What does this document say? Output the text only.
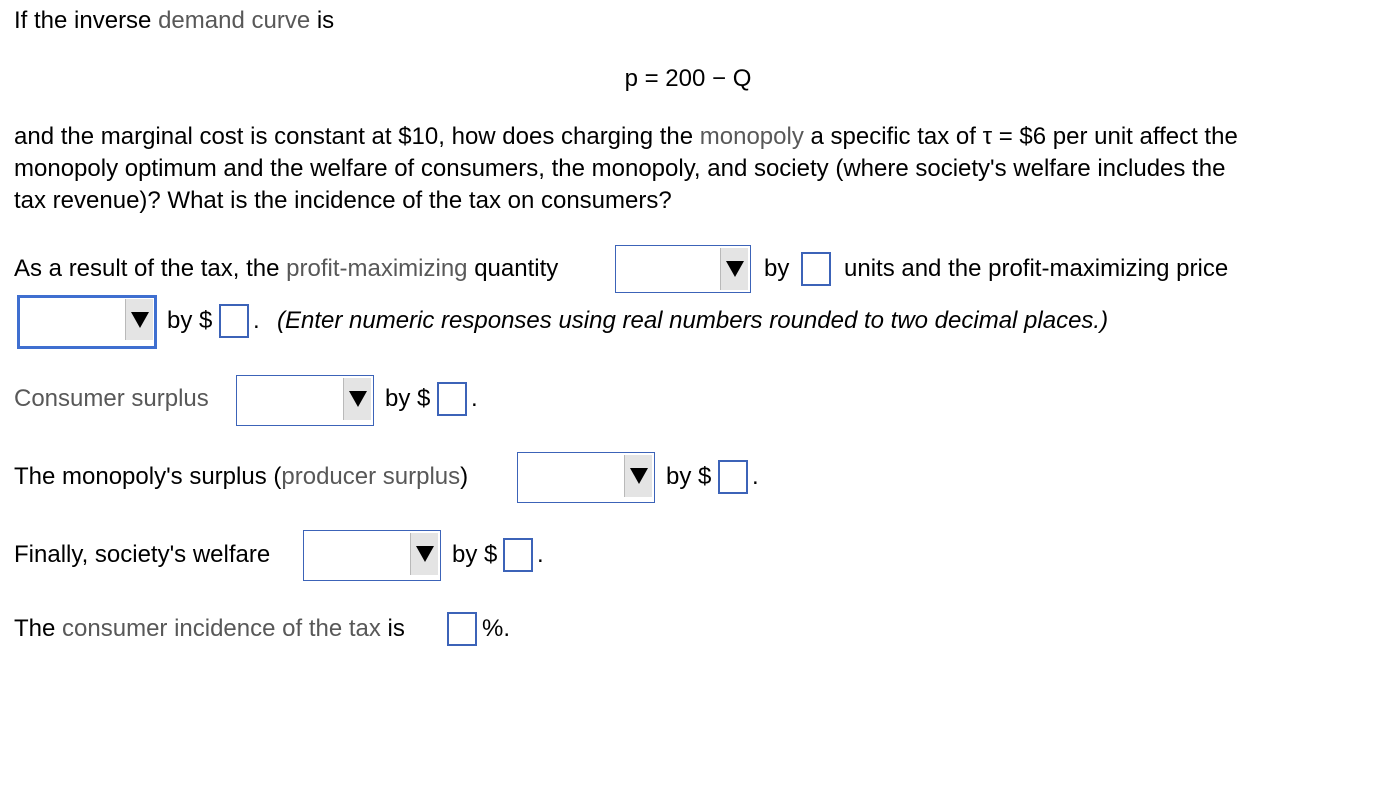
If the inverse demand curve is
p = 200 − Q
and the marginal cost is constant at $10, how does charging the monopoly a specific tax of τ = $6 per unit affect the
monopoly optimum and the welfare of consumers, the monopoly, and society (where society's welfare includes the
tax revenue)? What is the incidence of the tax on consumers?
As a result of the tax, the profit-maximizing quantity	by units and the profit-maximizing price
by $ . (Enter numeric responses using real numbers rounded to two decimal places.)
Consumer surplus	by $ .
The monopoly's surplus (producer surplus)	by $ .
Finally, society's welfare	by $ .
The consumer incidence of the tax is	%.
